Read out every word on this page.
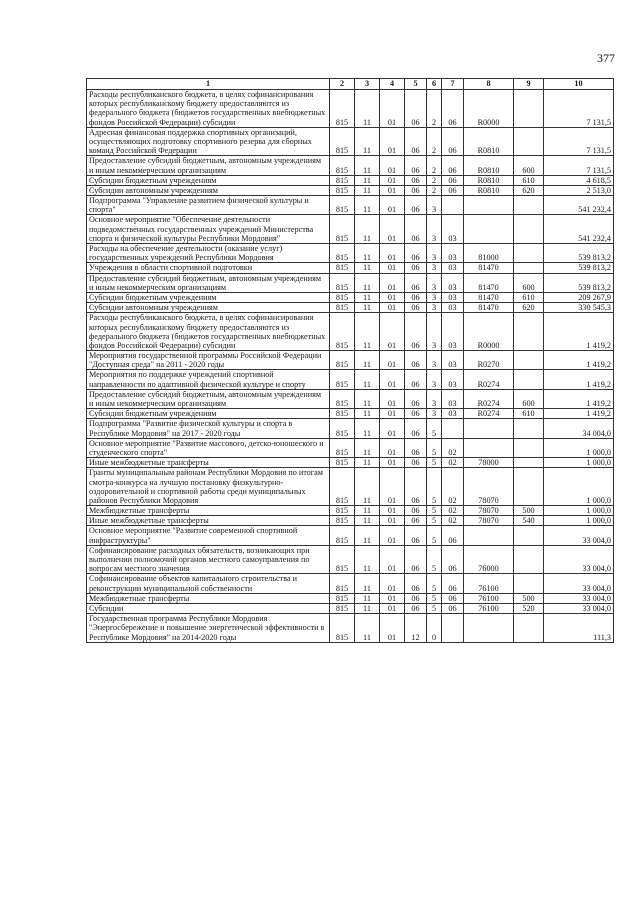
377
1	2	3	4	5	6	7	8	9	10
Расходы республиканского бюджета, в целях софинансирования которых республиканскому бюджету предоставляются из федерального бюджета (бюджетов государственных внебюджетных фондов Российской Федерации) субсидии	815	11	01	06	2	06	R0000		7 131,5
Адресная финансовая поддержка спортивных организаций, осуществляющих подготовку спортивного резерва для сборных команд Российской Федерации	815	11	01	06	2	06	R0810		7 131,5
Предоставление субсидий бюджетным, автономным учреждениям и иным некоммерческим организациям	815	11	01	06	2	06	R0810	600	7 131,5
Субсидии бюджетным учреждениям	815	11	01	06	2	06	R0810	610	4 618,5
Субсидии автономным учреждениям	815	11	01	06	2	06	R0810	620	2 513,0
Подпрограмма "Управление развитием физической культуры и спорта"	815	11	01	06	3				541 232,4
Основное мероприятие "Обеспечение деятельности подведомственных государственных учреждений Министерства спорта и физической культуры Республики Мордовия"	815	11	01	06	3	03			541 232,4
Расходы на обеспечение деятельности (оказание услуг) государственных учреждений Республики Мордовия	815	11	01	06	3	03	81000		539 813,2
Учреждения в области спортивной подготовки	815	11	01	06	3	03	81470		539 813,2
Предоставление субсидий бюджетным, автономным учреждениям и иным некоммерческим организациям	815	11	01	06	3	03	81470	600	539 813,2
Субсидии бюджетным учреждениям	815	11	01	06	3	03	81470	610	209 267,9
Субсидии автономным учреждениям	815	11	01	06	3	03	81470	620	330 545,3
Расходы республиканского бюджета, в целях софинансирования которых республиканскому бюджету предоставляются из федерального бюджета (бюджетов государственных внебюджетных фондов Российской Федерации) субсидии	815	11	01	06	3	03	R0000		1 419,2
Мероприятия государственной программы Российской Федерации "Доступная среда" на 2011 - 2020 годы	815	11	01	06	3	03	R0270		1 419,2
Мероприятия по поддержке учреждений спортивной направленности по адаптивной физической культуре и спорту	815	11	01	06	3	03	R0274		1 419,2
Предоставление субсидий бюджетным, автономным учреждениям и иным некоммерческим организациям	815	11	01	06	3	03	R0274	600	1 419,2
Субсидии бюджетным учреждениям	815	11	01	06	3	03	R0274	610	1 419,2
Подпрограмма "Развитие физической культуры и спорта в Республике Мордовия" на 2017 - 2020 годы	815	11	01	06	5				34 004,0
Основное мероприятие "Развитие массового, детско-юношеского и студенческого спорта"	815	11	01	06	5	02			1 000,0
Иные межбюджетные трансферты	815	11	01	06	5	02	78000		1 000,0
Гранты муниципальным районам Республики Мордовия по итогам смотра-конкурса на лучшую постановку физкультурно-оздоровительной и спортивной работы среди муниципальных районов Республики Мордовия	815	11	01	06	5	02	78070		1 000,0
Межбюджетные трансферты	815	11	01	06	5	02	78070	500	1 000,0
Иные межбюджетные трансферты	815	11	01	06	5	02	78070	540	1 000,0
Основное мероприятие "Развитие современной спортивной инфраструктуры"	815	11	01	06	5	06			33 004,0
Софинансирование расходных обязательств, возникающих при выполнении полномочий органов местного самоуправления по вопросам местного значения	815	11	01	06	5	06	76000		33 004,0
Софинансирование объектов капитального строительства и реконструкции муниципальной собственности	815	11	01	06	5	06	76100		33 004,0
Межбюджетные трансферты	815	11	01	06	5	06	76100	500	33 004,0
Субсидии	815	11	01	06	5	06	76100	520	33 004,0
Государственная программа Республики Мордовия "Энергосбережение и повышение энергетической эффективности в Республике Мордовия" на 2014-2020 годы	815	11	01	12	0				111,3
